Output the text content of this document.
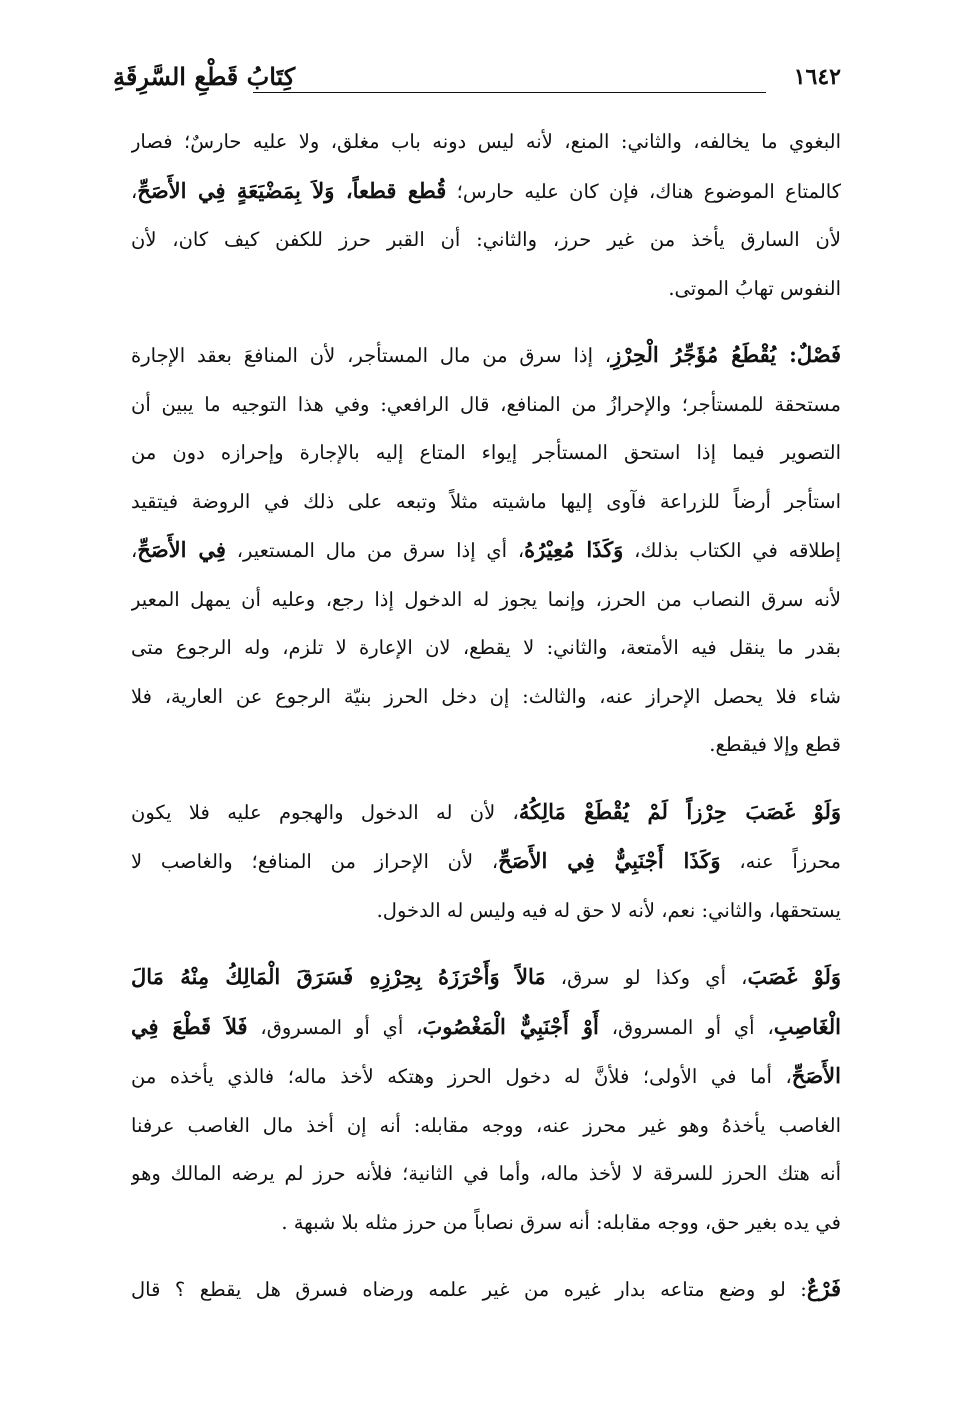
١٦٤٢
كِتَابُ قَطْعِ السَّرِقَةِ
البغوي ما يخالفه، والثاني: المنع، لأنه ليس دونه باب مغلق، ولا عليه حارسٌ؛ فصار
كالمتاع الموضوع هناك، فإن كان عليه حارس؛ قُطع قطعاً، وَلاَ بِمَضْيَعَةٍ فِي الأَصَحِّ،
لأن السارق يأخذ من غير حرز، والثاني: أن القبر حرز للكفن كيف كان، لأن
النفوس تهابُ الموتى.
فَصْلٌ: يُقْطَعُ مُؤَجِّرُ الْحِرْزِ، إذا سرق من مال المستأجر، لأن المنافعَ بعقد الإجارة
مستحقة للمستأجر؛ والإحرازُ من المنافع، قال الرافعي: وفي هذا التوجيه ما يبين أن
التصوير فيما إذا استحق المستأجر إيواء المتاع إليه بالإجارة وإحرازه دون من
استأجر أرضاً للزراعة فآوى إليها ماشيته مثلاً وتبعه على ذلك في الروضة فيتقيد
إطلاقه في الكتاب بذلك، وَكَذَا مُعِيْرُهُ، أي إذا سرق من مال المستعير، فِي الأَصَحِّ،
لأنه سرق النصاب من الحرز، وإنما يجوز له الدخول إذا رجع، وعليه أن يمهل المعير
بقدر ما ينقل فيه الأمتعة، والثاني: لا يقطع، لان الإعارة لا تلزم، وله الرجوع متى
شاء فلا يحصل الإحراز عنه، والثالث: إن دخل الحرز بنيّة الرجوع عن العارية، فلا
قطع وإلا فيقطع.
وَلَوْ غَصَبَ حِرْزاً لَمْ يُقْطَعْ مَالِكُهُ، لأن له الدخول والهجوم عليه فلا يكون
محرزاً عنه، وَكَذَا أَجْنَبِيٌّ فِي الأَصَحِّ، لأن الإحراز من المنافع؛ والغاصب لا
يستحقها، والثاني: نعم، لأنه لا حق له فيه وليس له الدخول.
وَلَوْ غَصَبَ، أي وكذا لو سرق، مَالاً وَأَحْرَزَهُ بِحِرْزِهِ فَسَرَقَ الْمَالِكُ مِنْهُ مَالَ
الْغَاصِبِ، أي أو المسروق، أَوْ أَجْنَبِيٌّ الْمَغْصُوبَ، أي أو المسروق، فَلاَ قَطْعَ فِي
الأَصَحِّ، أما في الأولى؛ فلأنَّ له دخول الحرز وهتكه لأخذ ماله؛ فالذي يأخذه من
الغاصب يأخذهُ وهو غير محرز عنه، ووجه مقابله: أنه إن أخذ مال الغاصب عرفنا
أنه هتك الحرز للسرقة لا لأخذ ماله، وأما في الثانية؛ فلأنه حرز لم يرضه المالك وهو
في يده بغير حق، ووجه مقابله: أنه سرق نصاباً من حرز مثله بلا شبهة .
فَرْعٌ: لو وضع متاعه بدار غيره من غير علمه ورضاه فسرق هل يقطع ؟ قال
